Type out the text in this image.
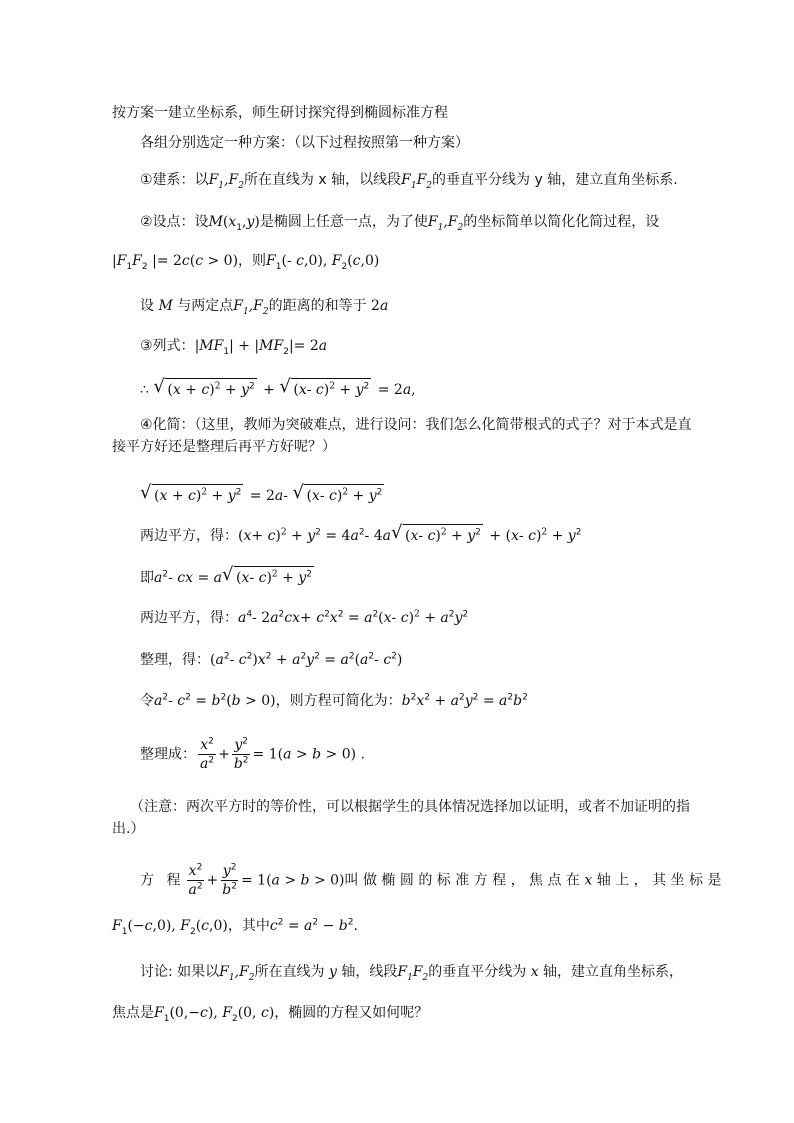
按方案一建立坐标系，师生研讨探究得到椭圆标准方程
各组分别选定一种方案：（以下过程按照第一种方案）
①建系：以$F_1,F_2$所在直线为 x 轴，以线段$F_1F_2$的垂直平分线为 y 轴，建立直角坐标系.
②设点：设$M(x_1,y)$是椭圆上任意一点，为了使$F_1,F_2$的坐标简单以简化化简过程，设
$|F_1F_2$ |= 2c(c > 0)，则$F_1(-$ c,0), $F_2(c,0)$
设 M 与两定点$F_1,F_2$的距离的和等于 2a
③列式：$|MF_1| + |MF_2|= 2a$
∴ √ $(x + c)^2 + y^2$ + √ (x- $c)^2 + y^2 = 2a$,
④化简：（这里，教师为突破难点，进行设问：我们怎么化简带根式的式子？对于本式是直接平方好还是整理后再平方好呢？）
√ $(x + c)^2 + y^2 = 2a-$ √ (x- $c)^2 + y^2$
两边平方，得：$(x+ c)^2 + y^2 = 4a^2-$ 4a √ (x- $c)^2 + y^2 + (x-$ $c)^2 + y^2$
即$a^2-$ cx = a √ (x- $c)^2 + y^2$
两边平方，得：$a^4-$ $2a^2cx+ c^2x^2 = a^2(x-$ $c)^2 + a^2y^2$
整理，得：($a^2-$ $c^2)x^2 + a^2y^2 = a^2(a^2-$ $c^2$)
令$a^2-$ $c^2 = b^2(b > 0)$，则方程可简化为：$b^2x^2 + a^2y^2 = a^2b^2$
整理成： $\frac{x^2}{a^2} + \frac{y^2}{b^2} = 1(a > b > 0)$ .
（注意：两次平方时的等价性，可以根据学生的具体情况选择加以证明，或者不加证明的指出.）
方 程 $\frac{x^2}{a^2} + \frac{y^2}{b^2} = 1(a > b > 0)$叫 做 椭 圆 的 标 准 方 程 ， 焦 点 在 x 轴 上 ， 其 坐 标 是
$F_1(-c,0)$, $F_2(c,0)$，其中$c^2 = a^2 - b^2$.
讨论: 如果以$F_1,F_2$所在直线为 y 轴，线段$F_1F_2$的垂直平分线为 x 轴，建立直角坐标系，
焦点是$F_1(0,-c)$, $F_2(0$, c)，椭圆的方程又如何呢？
